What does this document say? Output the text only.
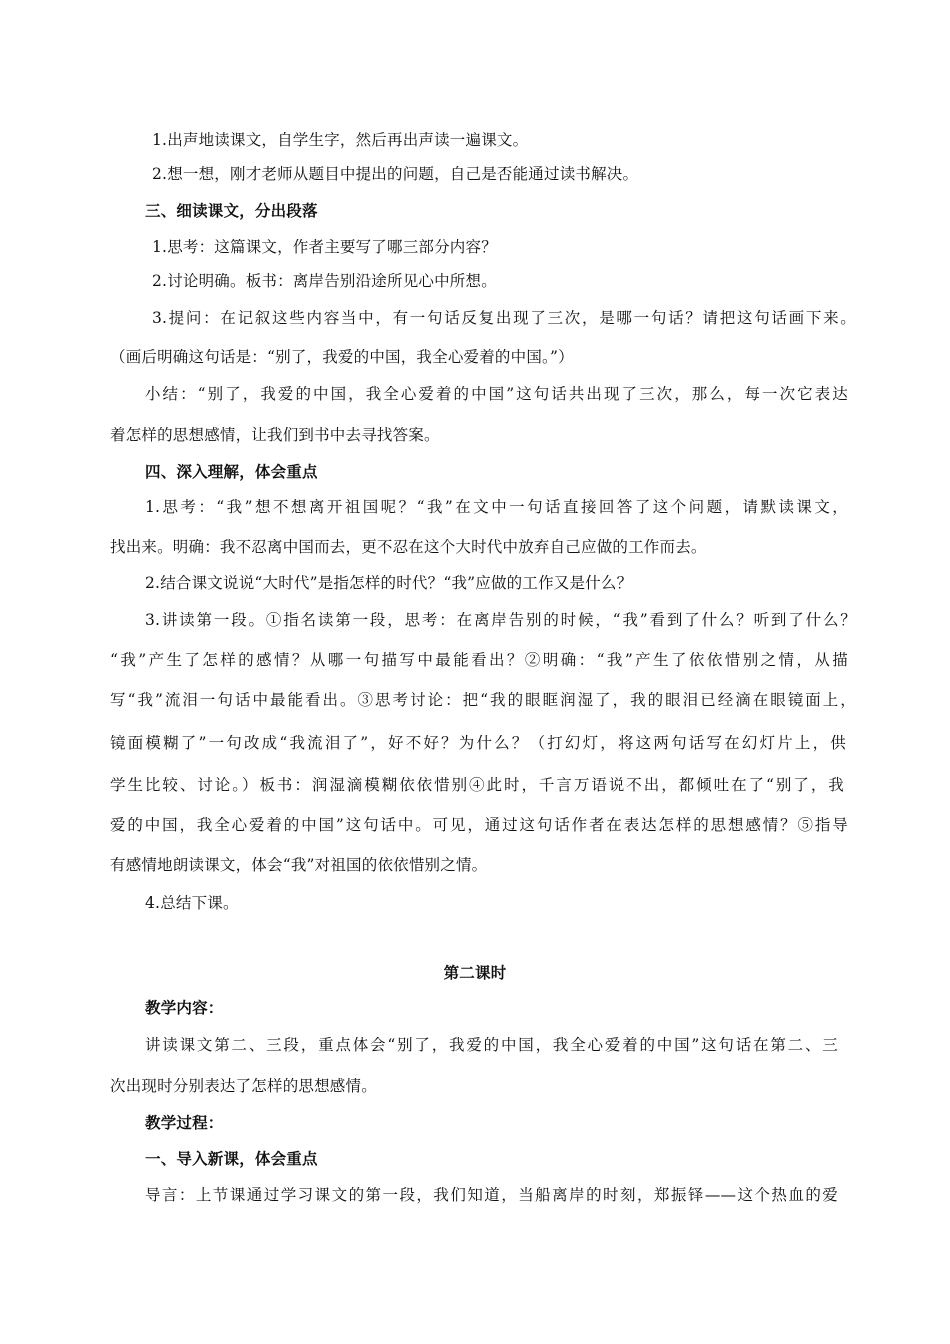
1.出声地读课文，自学生字，然后再出声读一遍课文。
2.想一想，刚才老师从题目中提出的问题，自己是否能通过读书解决。
三、细读课文，分出段落
1.思考：这篇课文，作者主要写了哪三部分内容？
2.讨论明确。板书：离岸告别沿途所见心中所想。
3.提问：在记叙这些内容当中，有一句话反复出现了三次，是哪一句话？请把这句话画下来。
（画后明确这句话是：“别了，我爱的中国，我全心爱着的中国。”）
小结：“别了，我爱的中国，我全心爱着的中国”这句话共出现了三次，那么，每一次它表达
着怎样的思想感情，让我们到书中去寻找答案。
四、深入理解，体会重点
1.思考：“我”想不想离开祖国呢？“我”在文中一句话直接回答了这个问题，请默读课文，
找出来。明确：我不忍离中国而去，更不忍在这个大时代中放弃自己应做的工作而去。
2.结合课文说说“大时代”是指怎样的时代？“我”应做的工作又是什么？
3.讲读第一段。①指名读第一段，思考：在离岸告别的时候，“我”看到了什么？听到了什么？
“我”产生了怎样的感情？从哪一句描写中最能看出？②明确：“我”产生了依依惜别之情，从描
写“我”流泪一句话中最能看出。③思考讨论：把“我的眼眶润湿了，我的眼泪已经滴在眼镜面上，
镜面模糊了”一句改成“我流泪了”，好不好？为什么？（打幻灯，将这两句话写在幻灯片上，供
学生比较、讨论。）板书：润湿滴模糊依依惜别④此时，千言万语说不出，都倾吐在了“别了，我
爱的中国，我全心爱着的中国”这句话中。可见，通过这句话作者在表达怎样的思想感情？⑤指导
有感情地朗读课文，体会“我”对祖国的依依惜别之情。
4.总结下课。
第二课时
教学内容：
讲读课文第二、三段，重点体会“别了，我爱的中国，我全心爱着的中国”这句话在第二、三
次出现时分别表达了怎样的思想感情。
教学过程：
一、导入新课，体会重点
导言：上节课通过学习课文的第一段，我们知道，当船离岸的时刻，郑振铎——这个热血的爱
